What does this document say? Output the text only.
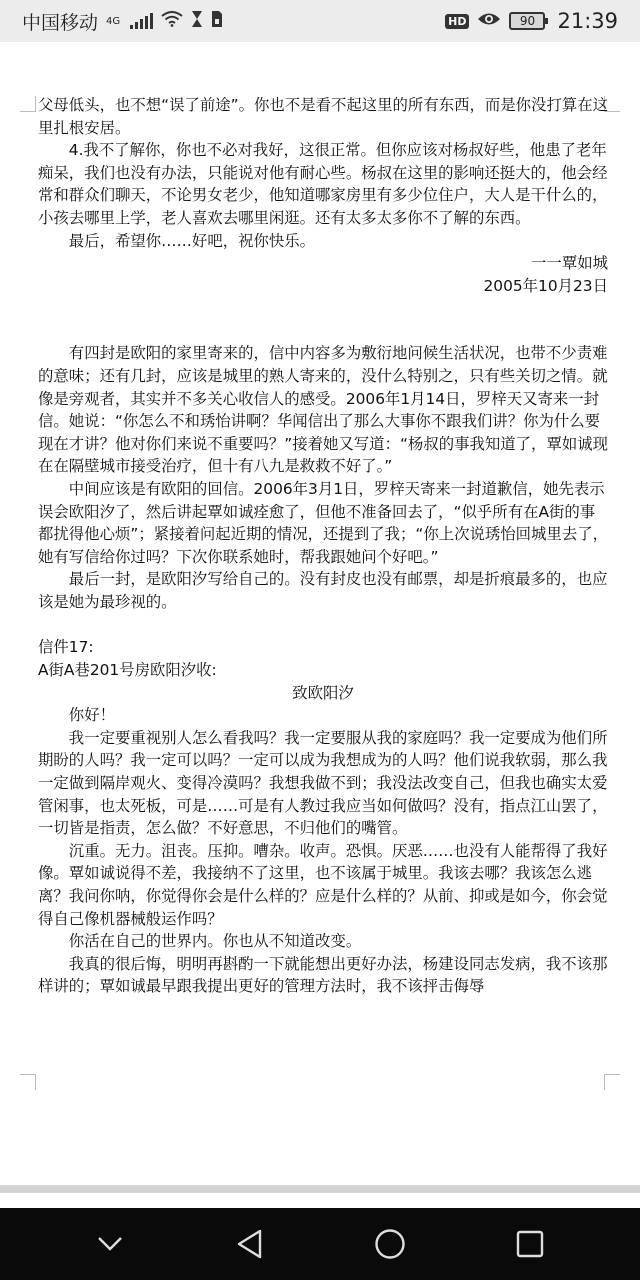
中国移动 4G	HD	90	21:39

父母低头，也不想“误了前途”。你也不是看不起这里的所有东西，而是你没打算在这里扎根安居。

4.我不了解你，你也不必对我好，这很正常。但你应该对杨叔好些，他患了老年痴呆，我们也没有办法，只能说对他有耐心些。杨叔在这里的影响还挺大的，他会经常和群众们聊天，不论男女老少，他知道哪家房里有多少位住户，大人是干什么的，小孩去哪里上学，老人喜欢去哪里闲逛。还有太多太多你不了解的东西。

最后，希望你……好吧，祝你快乐。

一一覃如城

2005年10月23日

有四封是欧阳的家里寄来的，信中内容多为敷衍地问候生活状况，也带不少责难的意味；还有几封，应该是城里的熟人寄来的，没什么特别之，只有些关切之情。就像是旁观者，其实并不多关心收信人的感受。2006年1月14日，罗梓天又寄来一封信。她说：“你怎么不和琇怡讲啊？华闻信出了那么大事你不跟我们讲？你为什么要现在才讲？他对你们来说不重要吗？”接着她又写道：“杨叔的事我知道了，覃如诚现在在隔壁城市接受治疗，但十有八九是救救不好了。”

中间应该是有欧阳的回信。2006年3月1日，罗梓天寄来一封道歉信，她先表示误会欧阳汐了，然后讲起覃如诚痊愈了，但他不准备回去了，“似乎所有在A街的事都扰得他心烦”；紧接着问起近期的情况，还提到了我；“你上次说琇怡回城里去了，她有写信给你过吗？下次你联系她时，帮我跟她问个好吧。”

最后一封，是欧阳汐写给自己的。没有封皮也没有邮票，却是折痕最多的，也应该是她为最珍视的。

信件17:

A街A巷201号房欧阳汐收:

致欧阳汐

你好！

我一定要重视别人怎么看我吗？我一定要服从我的家庭吗？我一定要成为他们所期盼的人吗？我一定可以吗？一定可以成为我想成为的人吗？他们说我软弱，那么我一定做到隔岸观火、变得冷漠吗？我想我做不到；我没法改变自己，但我也确实太爱管闲事，也太死板，可是……可是有人教过我应当如何做吗？没有，指点江山罢了，一切皆是指责，怎么做？不好意思，不归他们的嘴管。

沉重。无力。沮丧。压抑。嘈杂。收声。恐惧。厌恶……也没有人能帮得了我好像。覃如诚说得不差，我接纳不了这里，也不该属于城里。我该去哪？我该怎么逃离？我问你呐，你觉得你会是什么样的？应是什么样的？从前、抑或是如今，你会觉得自己像机器械般运作吗？

你活在自己的世界内。你也从不知道改变。

我真的很后悔，明明再斟酌一下就能想出更好办法，杨建设同志发病，我不该那样讲的；覃如诚最早跟我提出更好的管理方法时，我不该抨击侮辱
